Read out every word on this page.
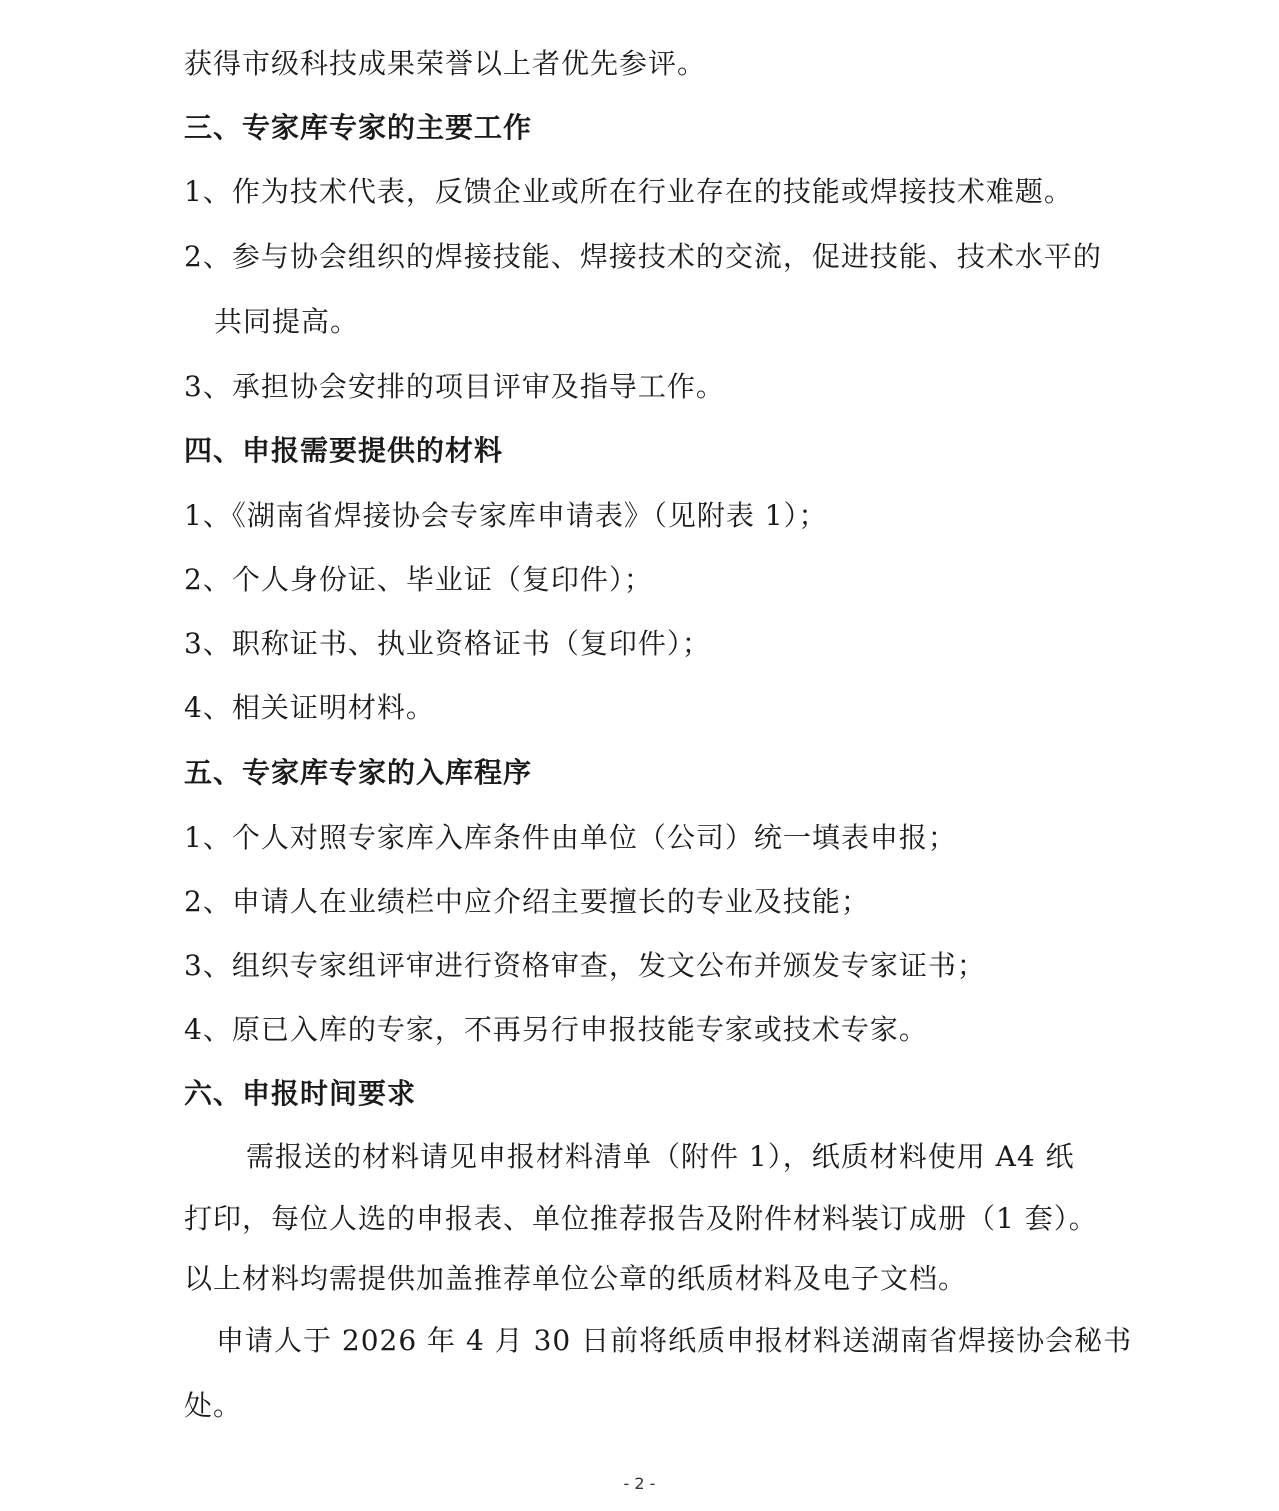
获得市级科技成果荣誉以上者优先参评。
三、专家库专家的主要工作
1、作为技术代表，反馈企业或所在行业存在的技能或焊接技术难题。
2、参与协会组织的焊接技能、焊接技术的交流，促进技能、技术水平的
共同提高。
3、承担协会安排的项目评审及指导工作。
四、申报需要提供的材料
1、《湖南省焊接协会专家库申请表》（见附表 1）；
2、个人身份证、毕业证（复印件）；
3、职称证书、执业资格证书（复印件）；
4、相关证明材料。
五、专家库专家的入库程序
1、个人对照专家库入库条件由单位（公司）统一填表申报；
2、申请人在业绩栏中应介绍主要擅长的专业及技能；
3、组织专家组评审进行资格审查，发文公布并颁发专家证书；
4、原已入库的专家，不再另行申报技能专家或技术专家。
六、申报时间要求
需报送的材料请见申报材料清单（附件 1），纸质材料使用 A4 纸
打印，每位人选的申报表、单位推荐报告及附件材料装订成册（1 套）。
以上材料均需提供加盖推荐单位公章的纸质材料及电子文档。
申请人于 2026 年 4 月 30 日前将纸质申报材料送湖南省焊接协会秘书
处。
- 2 -
